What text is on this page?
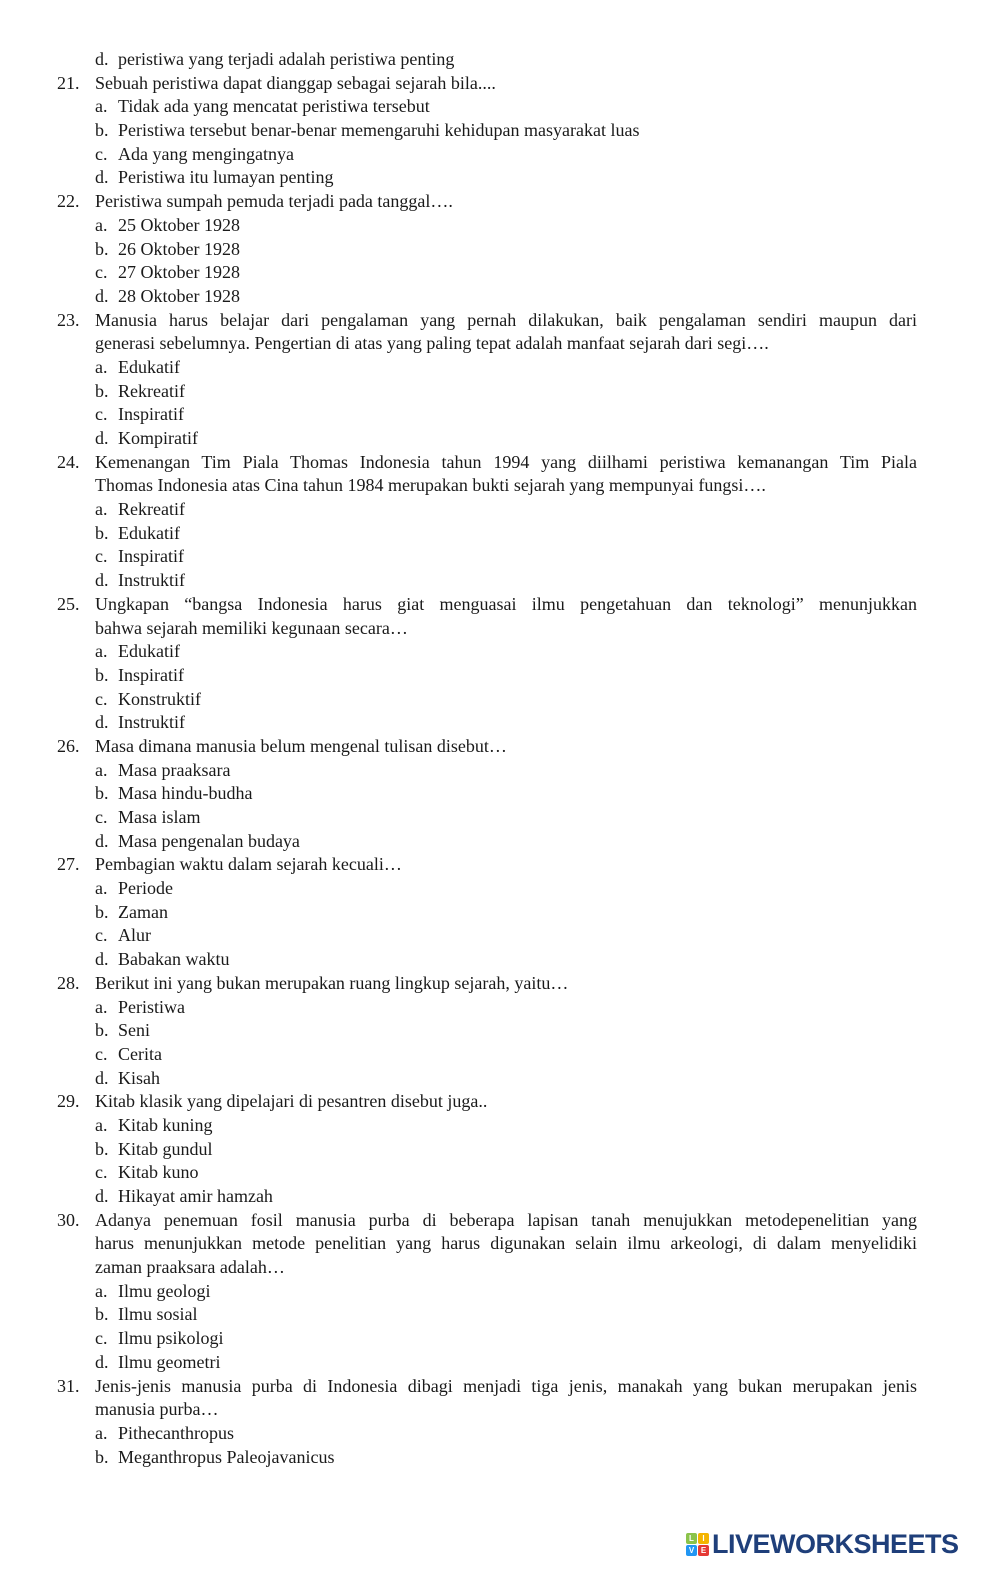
d. peristiwa yang terjadi adalah peristiwa penting
21. Sebuah peristiwa dapat dianggap sebagai sejarah bila....
a. Tidak ada yang mencatat peristiwa tersebut
b. Peristiwa tersebut benar-benar memengaruhi kehidupan masyarakat luas
c. Ada yang mengingatnya
d. Peristiwa itu lumayan penting
22. Peristiwa sumpah pemuda terjadi pada tanggal….
a. 25 Oktober 1928
b. 26 Oktober 1928
c. 27 Oktober 1928
d. 28 Oktober 1928
23. Manusia harus belajar dari pengalaman yang pernah dilakukan, baik pengalaman sendiri maupun dari
generasi sebelumnya. Pengertian di atas yang paling tepat adalah manfaat sejarah dari segi….
a. Edukatif
b. Rekreatif
c. Inspiratif
d. Kompiratif
24. Kemenangan Tim Piala Thomas Indonesia tahun 1994 yang diilhami peristiwa kemanangan Tim Piala
Thomas Indonesia atas Cina tahun 1984 merupakan bukti sejarah yang mempunyai fungsi….
a. Rekreatif
b. Edukatif
c. Inspiratif
d. Instruktif
25. Ungkapan “bangsa Indonesia harus giat menguasai ilmu pengetahuan dan teknologi” menunjukkan
bahwa sejarah memiliki kegunaan secara…
a. Edukatif
b. Inspiratif
c. Konstruktif
d. Instruktif
26. Masa dimana manusia belum mengenal tulisan disebut…
a. Masa praaksara
b. Masa hindu-budha
c. Masa islam
d. Masa pengenalan budaya
27. Pembagian waktu dalam sejarah kecuali…
a. Periode
b. Zaman
c. Alur
d. Babakan waktu
28. Berikut ini yang bukan merupakan ruang lingkup sejarah, yaitu…
a. Peristiwa
b. Seni
c. Cerita
d. Kisah
29. Kitab klasik yang dipelajari di pesantren disebut juga..
a. Kitab kuning
b. Kitab gundul
c. Kitab kuno
d. Hikayat amir hamzah
30. Adanya penemuan fosil manusia purba di beberapa lapisan tanah menujukkan metodepenelitian yang
harus menunjukkan metode penelitian yang harus digunakan selain ilmu arkeologi, di dalam menyelidiki
zaman praaksara adalah…
a. Ilmu geologi
b. Ilmu sosial
c. Ilmu psikologi
d. Ilmu geometri
31. Jenis-jenis manusia purba di Indonesia dibagi menjadi tiga jenis, manakah yang bukan merupakan jenis
manusia purba…
a. Pithecanthropus
b. Meganthropus Paleojavanicus
L	I
V E LIVEWORKSHEETS
